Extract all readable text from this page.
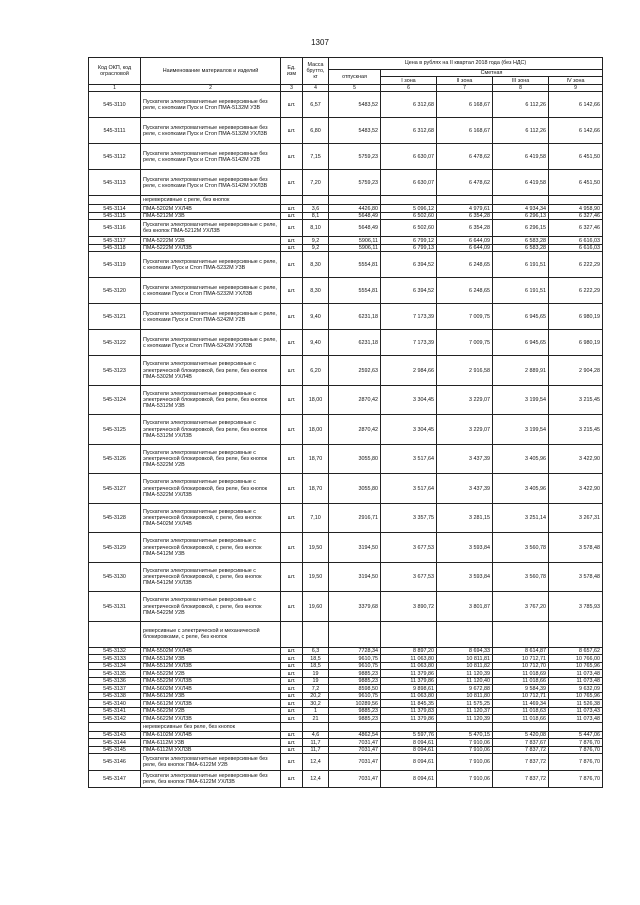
1307
Код ОКП, код ограсловой	Наименование материалов и изделий	Ед. изм	Масса брутто, кг	Цена в рублях на II квартал 2018 года (без НДС)				
				отпускная	Сметная			
					I зона	II зона	III зона	IV зона
1	2	3	4	5	6	7	8	9
545-3110	Пускатели электромагнитные нереверсивные без реле, с кнопками Пуск и Стоп ПМА-5132М У3В	шт.	6,57	5483,52	6 312,68	6 168,67	6 112,26	6 142,66
545-3111	Пускатели электромагнитные нереверсивные без реле, с кнопками Пуск и Стоп ПМА-5132М УХЛ3В	шт.	6,80	5483,52	6 312,68	6 168,67	6 112,26	6 142,66
545-3112	Пускатели электромагнитные нереверсивные без реле, с кнопками Пуск и Стоп ПМА-5142М У2В	шт.	7,15	5759,23	6 630,07	6 478,62	6 419,58	6 451,50
545-3113	Пускатели электромагнитные нереверсивные без реле, с кнопками Пуск и Стоп ПМА-5142М УХЛ3В	шт.	7,20	5759,23	6 630,07	6 478,62	6 419,58	6 451,50
	нереверсивные с реле, без кнопок							
545-3114	ПМА-5202М УХЛ4В	шт.	3,6	4426,80	5 096,12	4 979,61	4 934,34	4 958,90
545-3115	ПМА-5212М У3В	шт.	8,1	5648,49	6 502,60	6 354,28	6 296,13	6 327,46
545-3116	Пускатели электромагнитные нереверсивные с реле, без кнопок ПМА-5212М УХЛ3В	шт.	8,10	5648,49	6 502,60	6 354,28	6 296,15	6 327,46
545-3117	ПМА-5222М У2В	шт.	9,2	5906,11	6 799,12	6 644,09	6 583,28	6 616,03
545-3118	ПМА-5222М УХЛ3В	шт.	9,2	5906,11	6 799,13	6 644,09	6 583,28	6 616,03
545-3119	Пускатели электромагнитные нереверсивные с реле, с кнопками Пуск и Стоп ПМА-5232М У3В	шт.	8,30	5554,81	6 394,52	6 248,65	6 191,51	6 222,29
545-3120	Пускатели электромагнитные нереверсивные с реле, с кнопками Пуск и Стоп ПМА-5232М УХЛ3В	шт.	8,30	5554,81	6 394,52	6 248,65	6 191,51	6 222,29
545-3121	Пускатели электромагнитные нереверсивные с реле, с кнопками Пуск и Стоп ПМА-5242М У2В	шт.	9,40	6231,18	7 173,39	7 009,75	6 945,65	6 980,19
545-3122	Пускатели электромагнитные нереверсивные с реле, с кнопками Пуск и Стоп ПМА-5242М УХЛ3В	шт.	9,40	6231,18	7 173,39	7 009,75	6 945,65	6 980,19
545-3123	Пускатели электромагнитные реверсивные с электрической блокировкой, без реле, без кнопок ПМА-5302М УХЛ4В	шт.	6,20	2592,63	2 984,66	2 916,58	2 889,91	2 904,28
545-3124	Пускатели электромагнитные реверсивные с электрической блокировкой, без реле, без кнопок ПМА-5312М У3В	шт.	18,00	2870,42	3 304,45	3 229,07	3 199,54	3 215,45
545-3125	Пускатели электромагнитные реверсивные с электрической блокировкой, без реле, без кнопок ПМА-5312М УХЛ3В	шт.	18,00	2870,42	3 304,45	3 229,07	3 199,54	3 215,45
545-3126	Пускатели электромагнитные реверсивные с электрической блокировкой, без реле, без кнопок ПМА-5322М У2В	шт.	18,70	3055,80	3 517,64	3 437,39	3 405,96	3 422,90
545-3127	Пускатели электромагнитные реверсивные с электрической блокировкой, без реле, без кнопок ПМА-5322М УХЛ3В	шт.	18,70	3055,80	3 517,64	3 437,39	3 405,96	3 422,90
545-3128	Пускатели электромагнитные реверсивные с электрической блокировкой, с реле, без кнопок ПМА-5402М УХЛ4В	шт.	7,10	2916,71	3 357,75	3 281,15	3 251,14	3 267,31
545-3129	Пускатели электромагнитные реверсивные с электрической блокировкой, с реле, без кнопок ПМА-5412М У3В	шт.	19,50	3194,50	3 677,53	3 593,84	3 560,78	3 578,48
545-3130	Пускатели электромагнитные реверсивные с электрической блокировкой, с реле, без кнопок ПМА-5412М УХЛ3В	шт.	19,50	3194,50	3 677,53	3 593,84	3 560,78	3 578,48
545-3131	Пускатели электромагнитные реверсивные с электрической блокировкой, с реле, без кнопок ПМА-5422М У2В	шт.	19,60	3379,68	3 890,72	3 801,87	3 767,20	3 785,93
	реверсивные с электрической и механической блокировками, с реле, без кнопок							
545-3132	ПМА-5502М УХЛ4В	шт.	6,3	7728,34	8 897,20	8 694,33	8 614,87	8 657,62
545-3133	ПМА-5512М У3В	шт.	18,5	9610,75	11 063,80	10 811,81	10 712,71	10 766,00
545-3134	ПМА-5512М УХЛ3В	шт.	18,5	9610,75	11 063,80	10 811,82	10 712,70	10 765,96
545-3135	ПМА-5522М У2В	шт.	19	9885,23	11 379,86	11 120,39	11 018,69	11 073,48
545-3136	ПМА-5522М УХЛ3В	шт.	19	9885,23	11 379,86	11 120,40	11 018,66	11 073,48
545-3137	ПМА-5602М УХЛ4В	шт.	7,2	8598,50	9 898,61	9 672,88	9 584,39	9 632,09
545-3138	ПМА-5612М У3В	шт.	20,2	9610,75	11 063,80	10 811,80	10 712,71	10 765,96
545-3140	ПМА-5612М УХЛ3В	шт.	30,2	10289,56	11 845,35	11 575,25	11 469,34	11 526,38
545-3141	ПМА-5622М У2В	шт.	1	9885,23	11 379,83	11 120,37	11 018,63	11 073,43
545-3142	ПМА-5622М УХЛ3В	шт.	21	9885,23	11 379,86	11 120,39	11 018,66	11 073,48
	нереверсивные без реле, без кнопок							
545-3143	ПМА-6102М УХЛ4В	шт.	4,6	4862,54	5 597,76	5 470,15	5 420,08	5 447,06
545-3144	ПМА-6112М У3В	шт.	11,7	7031,47	8 094,61	7 910,06	7 837,67	7 876,70
545-3145	ПМА-6112М УХЛ3В	шт.	11,7	7031,47	8 094,61	7 910,06	7 837,72	7 876,70
545-3146	Пускатели электромагнитные нереверсивные без реле, без кнопок ПМА-6122М У2В	шт.	12,4	7031,47	8 094,61	7 910,06	7 837,72	7 876,70
545-3147	Пускатели электромагнитные нереверсивные без реле, без кнопок ПМА-6122М УХЛ3В	шт.	12,4	7031,47	8 094,61	7 910,06	7 837,72	7 876,70
